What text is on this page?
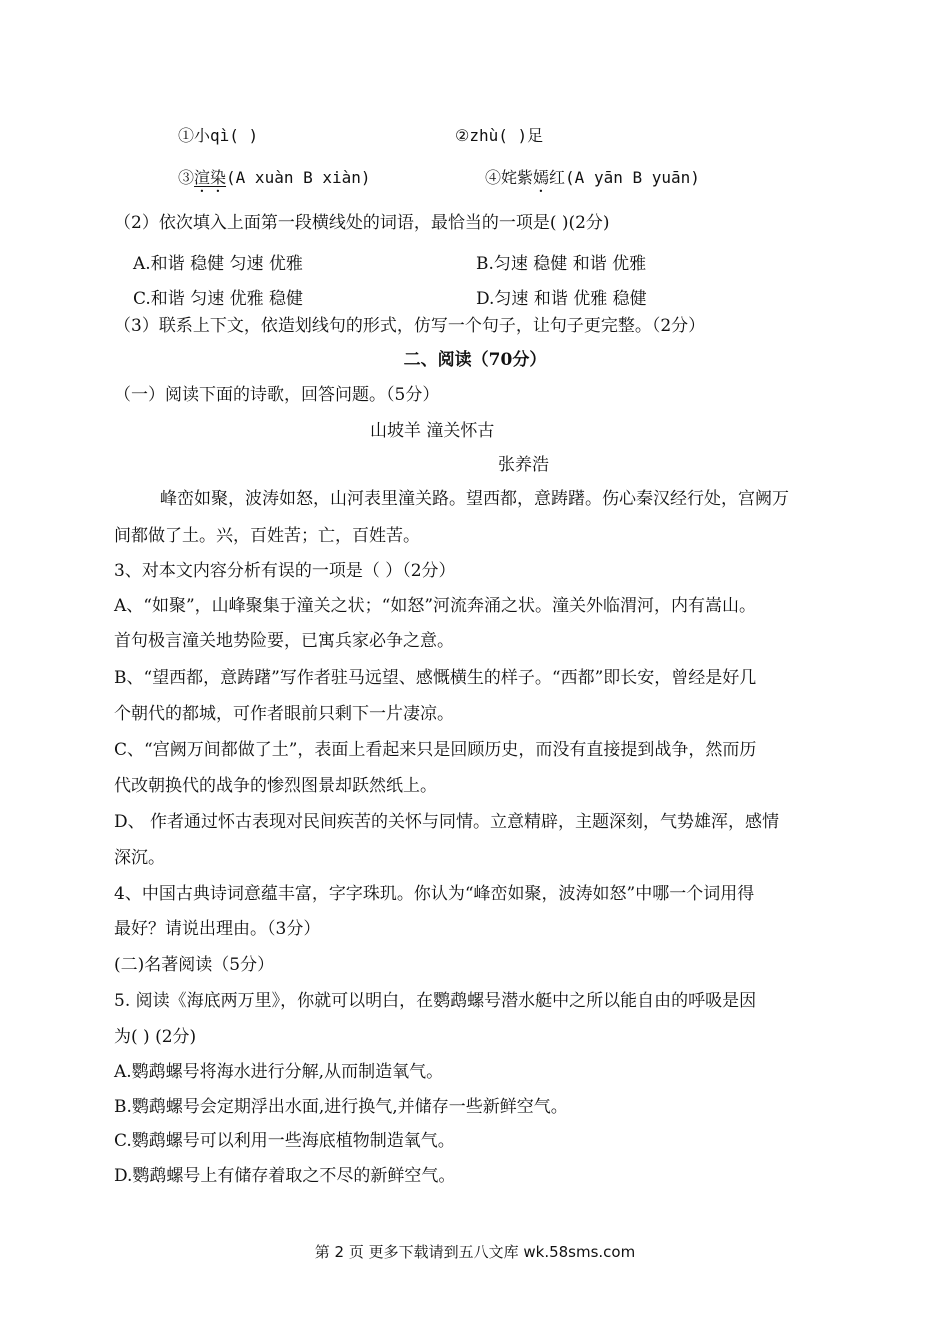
①小qì( )	②zhù( )足
③渲染(A xuàn B xiàn)	④姹紫嫣红(A yān B yuān)
（2）依次填入上面第一段横线处的词语，最恰当的一项是( )(2分)
A.和谐 稳健 匀速 优雅	B.匀速 稳健 和谐 优雅
C.和谐 匀速 优雅 稳健	D.匀速 和谐 优雅 稳健
（3）联系上下文，依造划线句的形式，仿写一个句子，让句子更完整。（2分）
二、阅读（70分）
（一）阅读下面的诗歌，回答问题。（5分）
山坡羊 潼关怀古
张养浩
峰峦如聚，波涛如怒，山河表里潼关路。望西都，意踌躇。伤心秦汉经行处，宫阙万
间都做了土。兴，百姓苦；亡，百姓苦。
3、对本文内容分析有误的一项是（ ）（2分）
A、“如聚”，山峰聚集于潼关之状；“如怒”河流奔涌之状。潼关外临渭河，内有嵩山。
首句极言潼关地势险要，已寓兵家必争之意。
B、“望西都，意踌躇”写作者驻马远望、感慨横生的样子。“西都”即长安，曾经是好几
个朝代的都城，可作者眼前只剩下一片凄凉。
C、“宫阙万间都做了土”，表面上看起来只是回顾历史，而没有直接提到战争，然而历
代改朝换代的战争的惨烈图景却跃然纸上。
D、 作者通过怀古表现对民间疾苦的关怀与同情。立意精辟，主题深刻，气势雄浑，感情
深沉。
4、中国古典诗词意蕴丰富，字字珠玑。你认为“峰峦如聚，波涛如怒”中哪一个词用得
最好？请说出理由。（3分）
(二)名著阅读（5分）
5. 阅读《海底两万里》，你就可以明白，在鹦鹉螺号潜水艇中之所以能自由的呼吸是因
为( ) (2分)
A.鹦鹉螺号将海水进行分解,从而制造氧气。
B.鹦鹉螺号会定期浮出水面,进行换气,并储存一些新鲜空气。
C.鹦鹉螺号可以利用一些海底植物制造氧气。
D.鹦鹉螺号上有储存着取之不尽的新鲜空气。
第 2 页 更多下载请到五八文库 wk.58sms.com
